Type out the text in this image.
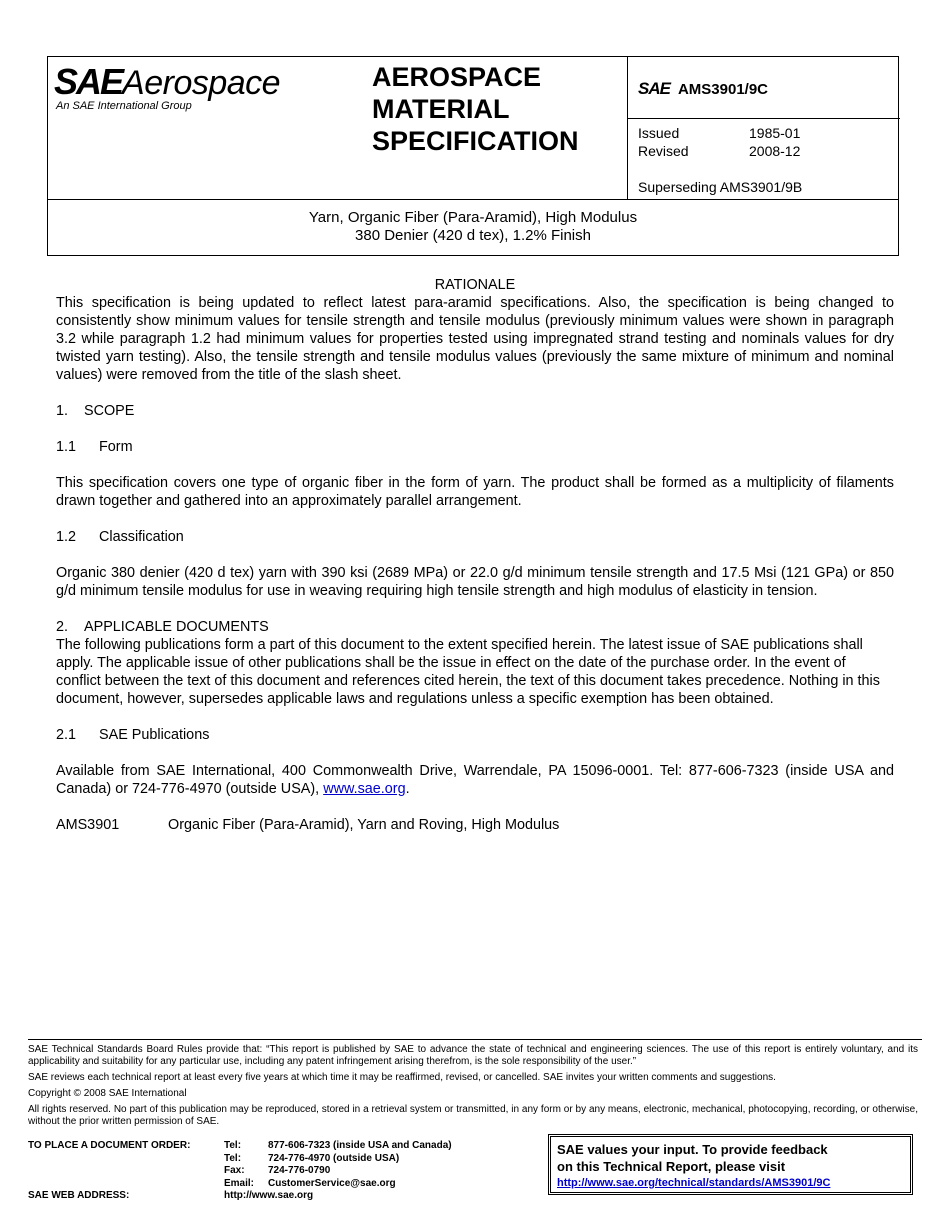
SAEAerospace
An SAE International Group
AEROSPACE
MATERIAL
SPECIFICATION
SAE AMS3901/9C
Issued	1985-01
Revised	2008-12
Superseding AMS3901/9B
Yarn, Organic Fiber (Para-Aramid), High Modulus
380 Denier (420 d tex), 1.2% Finish

RATIONALE

This specification is being updated to reflect latest para-aramid specifications. Also, the specification is being changed to consistently show minimum values for tensile strength and tensile modulus (previously minimum values were shown in paragraph 3.2 while paragraph 1.2 had minimum values for properties tested using impregnated strand testing and nominals values for dry twisted yarn testing). Also, the tensile strength and tensile modulus values (previously the same mixture of minimum and nominal values) were removed from the title of the slash sheet.

1. SCOPE

1.1 Form

This specification covers one type of organic fiber in the form of yarn. The product shall be formed as a multiplicity of filaments drawn together and gathered into an approximately parallel arrangement.

1.2 Classification

Organic 380 denier (420 d tex) yarn with 390 ksi (2689 MPa) or 22.0 g/d minimum tensile strength and 17.5 Msi (121 GPa) or 850 g/d minimum tensile modulus for use in weaving requiring high tensile strength and high modulus of elasticity in tension.

2. APPLICABLE DOCUMENTS

The following publications form a part of this document to the extent specified herein. The latest issue of SAE publications shall apply. The applicable issue of other publications shall be the issue in effect on the date of the purchase order. In the event of conflict between the text of this document and references cited herein, the text of this document takes precedence. Nothing in this document, however, supersedes applicable laws and regulations unless a specific exemption has been obtained.

2.1 SAE Publications

Available from SAE International, 400 Commonwealth Drive, Warrendale, PA 15096-0001. Tel: 877-606-7323 (inside USA and Canada) or 724-776-4970 (outside USA), www.sae.org.

AMS3901	Organic Fiber (Para-Aramid), Yarn and Roving, High Modulus

SAE Technical Standards Board Rules provide that: “This report is published by SAE to advance the state of technical and engineering sciences. The use of this report is entirely voluntary, and its applicability and suitability for any particular use, including any patent infringement arising therefrom, is the sole responsibility of the user.”

SAE reviews each technical report at least every five years at which time it may be reaffirmed, revised, or cancelled. SAE invites your written comments and suggestions.

Copyright © 2008 SAE International

All rights reserved. No part of this publication may be reproduced, stored in a retrieval system or transmitted, in any form or by any means, electronic, mechanical, photocopying, recording, or otherwise, without the prior written permission of SAE.

TO PLACE A DOCUMENT ORDER:	Tel:	877-606-7323 (inside USA and Canada)
Tel:	724-776-4970 (outside USA)
Fax:	724-776-0790
Email:	CustomerService@sae.org
SAE WEB ADDRESS:	http://www.sae.org
SAE values your input. To provide feedback
on this Technical Report, please visit
http://www.sae.org/technical/standards/AMS3901/9C
